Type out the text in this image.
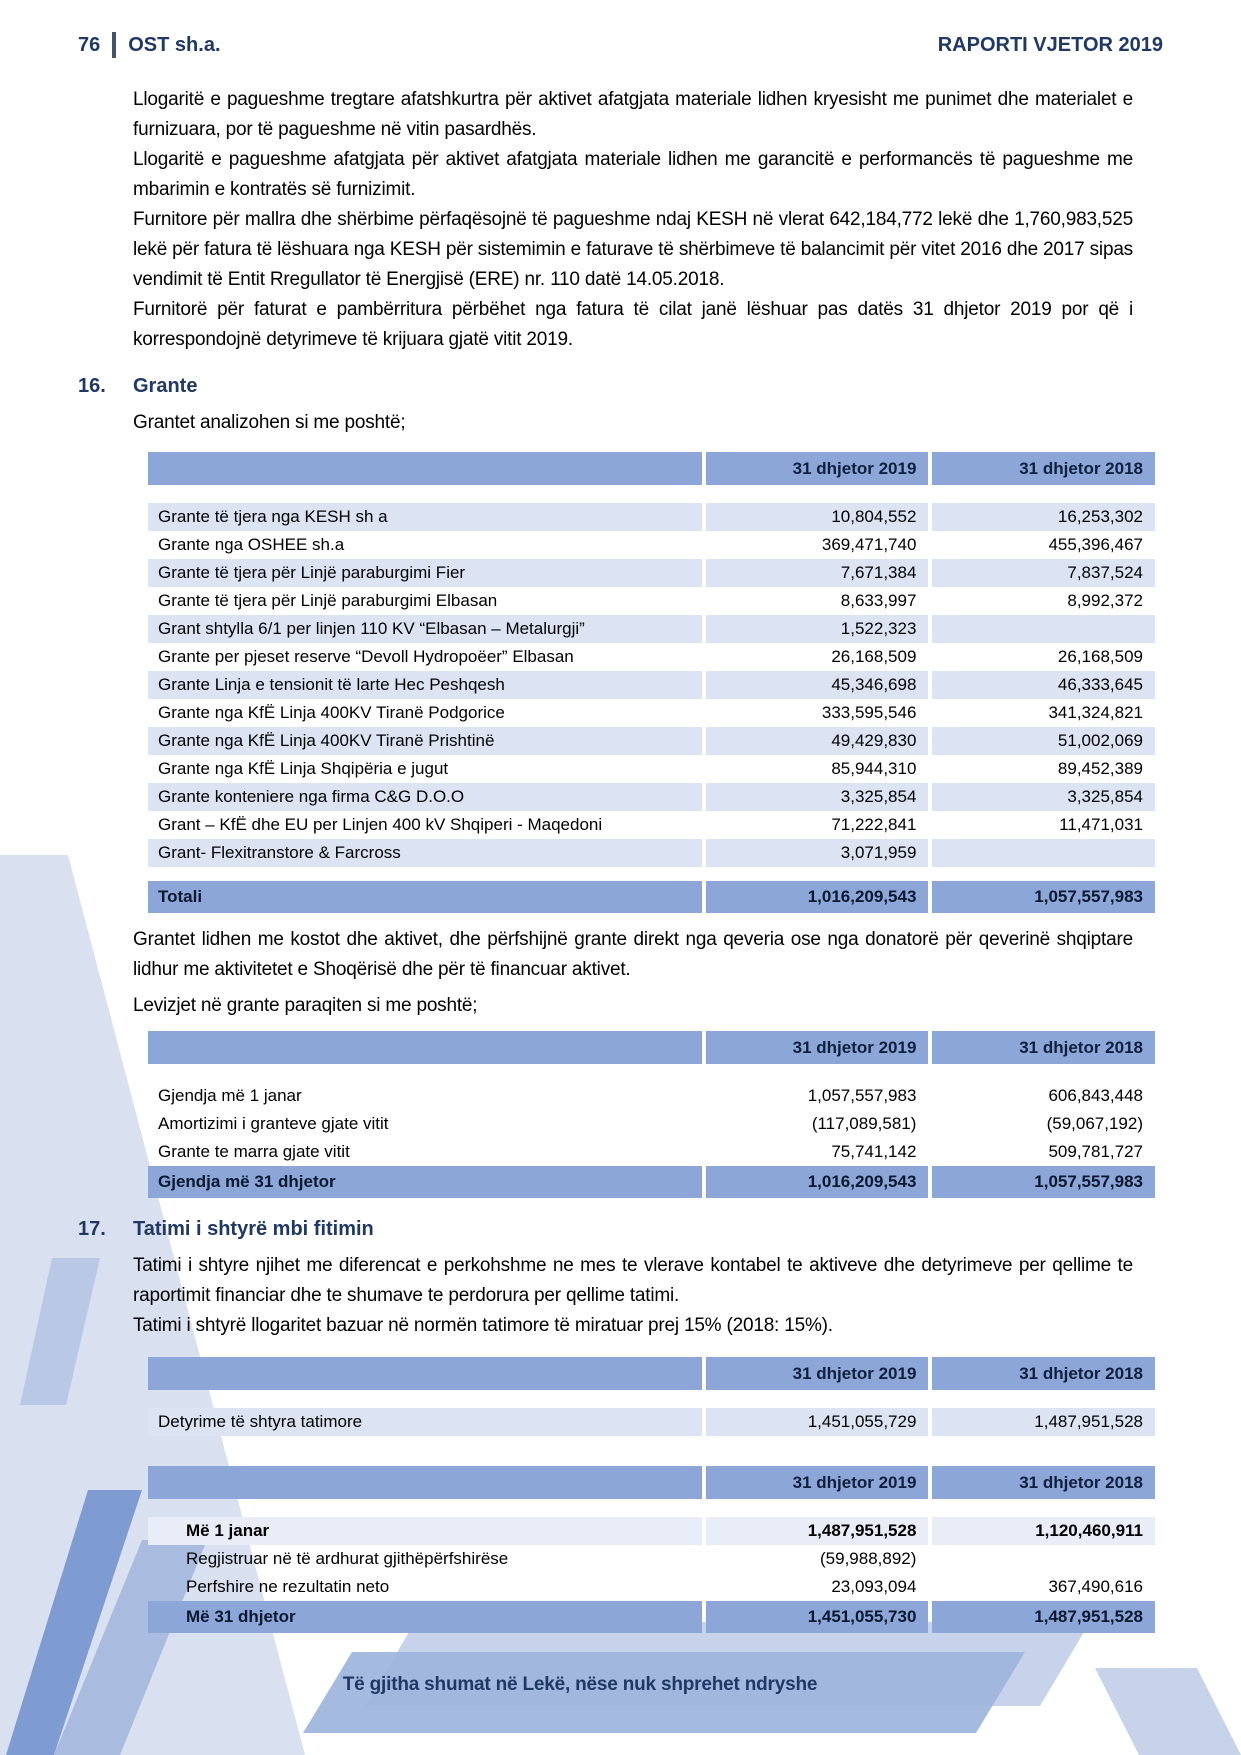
76 OST sh.a.	RAPORTI VJETOR 2019

Llogaritë e pagueshme tregtare afatshkurtra për aktivet afatgjata materiale lidhen kryesisht me punimet dhe materialet e furnizuara, por të pagueshme në vitin pasardhës.

Llogaritë e pagueshme afatgjata për aktivet afatgjata materiale lidhen me garancitë e performancës të pagueshme me mbarimin e kontratës së furnizimit.

Furnitore për mallra dhe shërbime përfaqësojnë të pagueshme ndaj KESH në vlerat 642,184,772 lekë dhe 1,760,983,525 lekë për fatura të lëshuara nga KESH për sistemimin e faturave të shërbimeve të balancimit për vitet 2016 dhe 2017 sipas vendimit të Entit Rregullator të Energjisë (ERE) nr. 110 datë 14.05.2018.

Furnitorë për faturat e pambërritura përbëhet nga fatura të cilat janë lëshuar pas datës 31 dhjetor 2019 por që i korrespondojnë detyrimeve të krijuara gjatë vitit 2019.

16.	Grante

Grantet analizohen si me poshtë;

31 dhjetor 2019	31 dhjetor 2018
Grante të tjera nga KESH sh a	10,804,552	16,253,302
Grante nga OSHEE sh.a	369,471,740	455,396,467
Grante të tjera për Linjë paraburgimi Fier	7,671,384	7,837,524
Grante të tjera për Linjë paraburgimi Elbasan	8,633,997	8,992,372
Grant shtylla 6/1 per linjen 110 KV “Elbasan – Metalurgji”	1,522,323
Grante per pjeset reserve “Devoll Hydropoëer” Elbasan	26,168,509	26,168,509
Grante Linja e tensionit të larte Hec Peshqesh	45,346,698	46,333,645
Grante nga KfË Linja 400KV Tiranë Podgorice	333,595,546	341,324,821
Grante nga KfË Linja 400KV Tiranë Prishtinë	49,429,830	51,002,069
Grante nga KfË Linja Shqipëria e jugut	85,944,310	89,452,389
Grante konteniere nga firma C&G D.O.O	3,325,854	3,325,854
Grant – KfË dhe EU per Linjen 400 kV Shqiperi - Maqedoni	71,222,841	11,471,031
Grant- Flexitranstore & Farcross	3,071,959
Totali	1,016,209,543	1,057,557,983

Grantet lidhen me kostot dhe aktivet, dhe përfshijnë grante direkt nga qeveria ose nga donatorë për qeverinë shqiptare lidhur me aktivitetet e Shoqërisë dhe për të financuar aktivet.

Levizjet në grante paraqiten si me poshtë;

31 dhjetor 2019	31 dhjetor 2018
Gjendja më 1 janar	1,057,557,983	606,843,448
Amortizimi i granteve gjate vitit	(117,089,581)	(59,067,192)
Grante te marra gjate vitit	75,741,142	509,781,727
Gjendja më 31 dhjetor	1,016,209,543	1,057,557,983
17.	Tatimi i shtyrë mbi fitimin

Tatimi i shtyre njihet me diferencat e perkohshme ne mes te vlerave kontabel te aktiveve dhe detyrimeve per qellime te raportimit financiar dhe te shumave te perdorura per qellime tatimi.

Tatimi i shtyrë llogaritet bazuar në normën tatimore të miratuar prej 15% (2018: 15%).

31 dhjetor 2019	31 dhjetor 2018
Detyrime të shtyra tatimore	1,451,055,729	1,487,951,528
31 dhjetor 2019	31 dhjetor 2018
Më 1 janar	1,487,951,528	1,120,460,911
Regjistruar në të ardhurat gjithëpërfshirëse	(59,988,892)
Perfshire ne rezultatin neto	23,093,094	367,490,616
Më 31 dhjetor	1,451,055,730	1,487,951,528
Të gjitha shumat në Lekë, nëse nuk shprehet ndryshe
